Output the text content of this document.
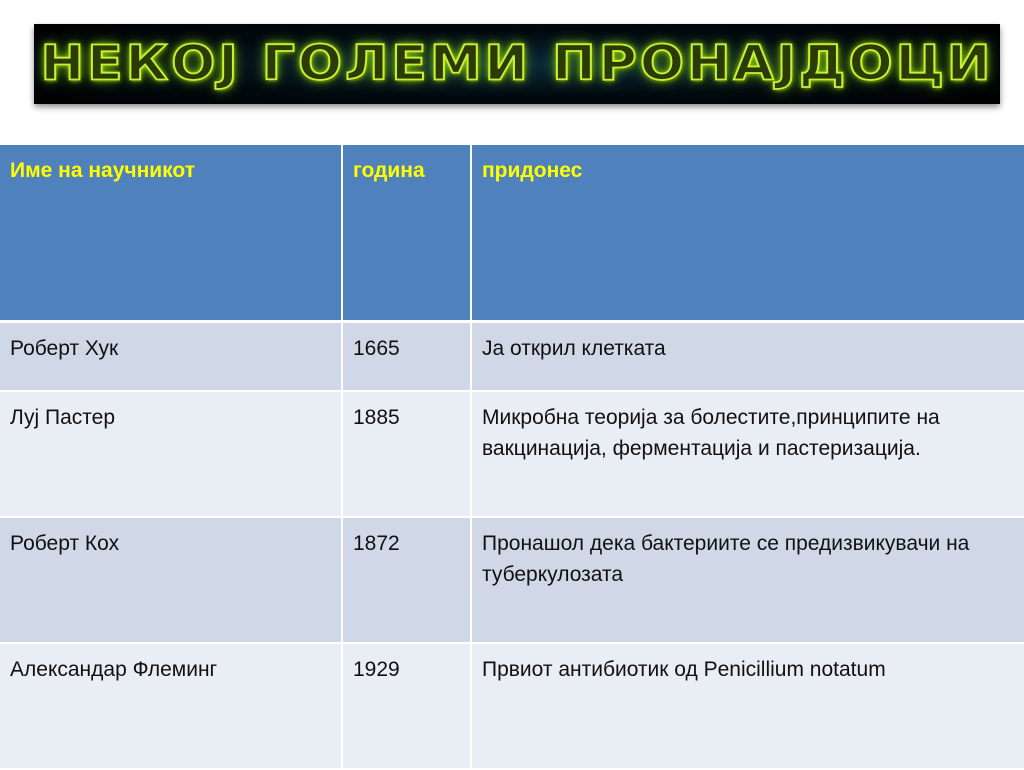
НЕКОЈ ГОЛЕМИ ПРОНАЈДОЦИ
Име на научникот	година	придонес
Роберт Хук	1665	Ја открил клетката
Луј Пастер	1885	Микробна теорија за болестите,принципите на вакцинација, ферментација и пастеризација.
Роберт Кох	1872	Пронашол дека бактериите се предизвикувачи на туберкулозата
Александар Флеминг	1929	Првиот антибиотик од Penicillium notatum
